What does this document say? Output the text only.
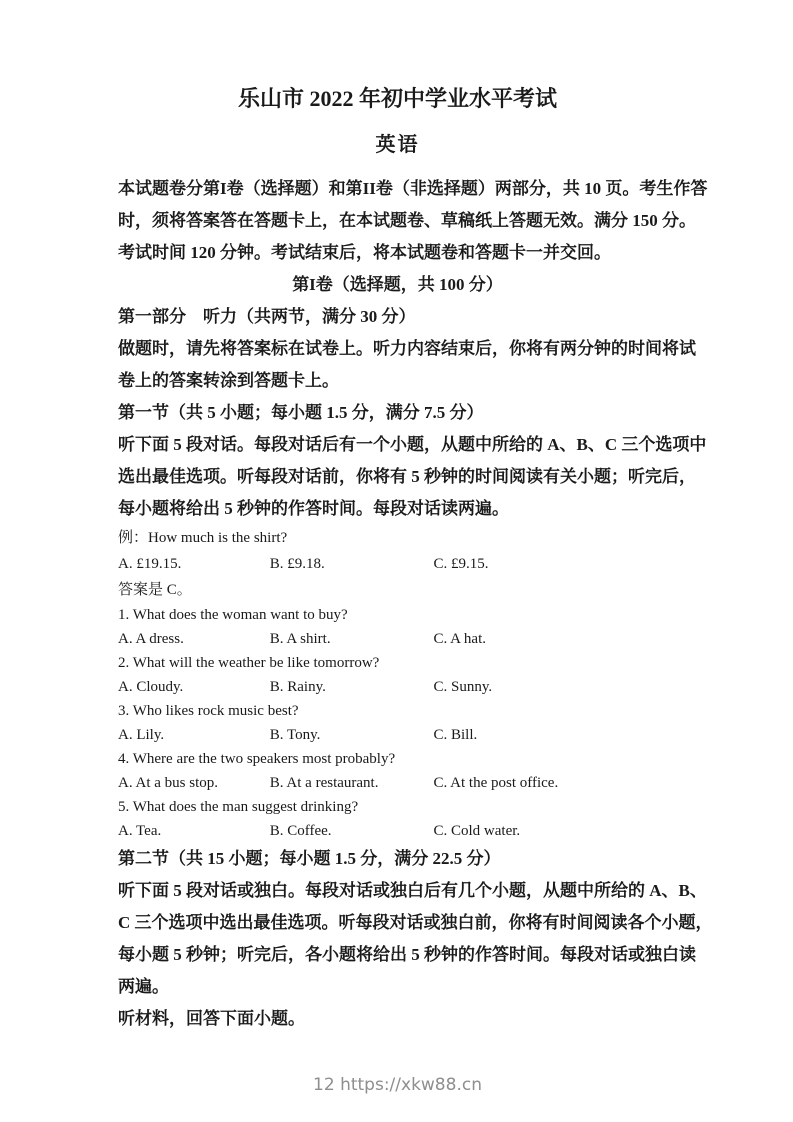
乐山市 2022 年初中学业水平考试
英语
本试题卷分第I卷（选择题）和第II卷（非选择题）两部分，共 10 页。考生作答
时，须将答案答在答题卡上，在本试题卷、草稿纸上答题无效。满分 150 分。
考试时间 120 分钟。考试结束后，将本试题卷和答题卡一并交回。
第I卷（选择题，共 100 分）
第一部分　听力（共两节，满分 30 分）
做题时，请先将答案标在试卷上。听力内容结束后，你将有两分钟的时间将试
卷上的答案转涂到答题卡上。
第一节（共 5 小题；每小题 1.5 分，满分 7.5 分）
听下面 5 段对话。每段对话后有一个小题，从题中所给的 A、B、C 三个选项中
选出最佳选项。听每段对话前，你将有 5 秒钟的时间阅读有关小题；听完后，
每小题将给出 5 秒钟的作答时间。每段对话读两遍。
例：How much is the shirt?
A. £19.15.	B. £9.18.	C. £9.15.
答案是 C。
1. What does the woman want to buy?
A. A dress.	B. A shirt.	C. A hat.
2. What will the weather be like tomorrow?
A. Cloudy.	B. Rainy.	C. Sunny.
3. Who likes rock music best?
A. Lily.	B. Tony.	C. Bill.
4. Where are the two speakers most probably?
A. At a bus stop.	B. At a restaurant.	C. At the post office.
5. What does the man suggest drinking?
A. Tea.	B. Coffee.	C. Cold water.
第二节（共 15 小题；每小题 1.5 分，满分 22.5 分）
听下面 5 段对话或独白。每段对话或独白后有几个小题，从题中所给的 A、B、
C 三个选项中选出最佳选项。听每段对话或独白前，你将有时间阅读各个小题，
每小题 5 秒钟；听完后，各小题将给出 5 秒钟的作答时间。每段对话或独白读
两遍。
听材料，回答下面小题。
12 https://xkw88.cn
